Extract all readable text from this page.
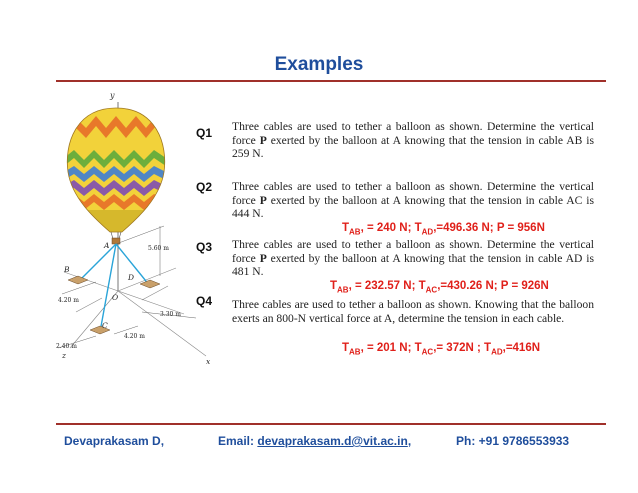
Examples
y
A	5.60 m
4.20 m
3.30 m
4.20 m
2.40 m
B
D
C
O
z
x
Q1 Three cables are used to tether a balloon as shown. Determine the vertical force P exerted by the balloon at A knowing that the tension in cable AB is 259 N.
Q2 Three cables are used to tether a balloon as shown. Determine the vertical force P exerted by the balloon at A knowing that the tension in cable AC is 444 N.
$T_{AB}$, = 240 N; $T_{AD},=496.36$ N; P = 956N
Q3 Three cables are used to tether a balloon as shown. Determine the vertical force P exerted by the balloon at A knowing that the tension in cable AD is 481 N.
$T_{AB}$, = 232.57 N; $T_{AC},=430.26$ N; P = 926N
Q4 Three cables are used to tether a balloon as shown. Knowing that the balloon exerts an 800-N vertical force at A, determine the tension in each cable.
$T_{AB}$, = 201 N; $T_{AC},= 372N$ ; $T_{AD},=416N$
Devaprakasam D,	Email: devaprakasam.d@vit.ac.in,	Ph: +91 9786553933
